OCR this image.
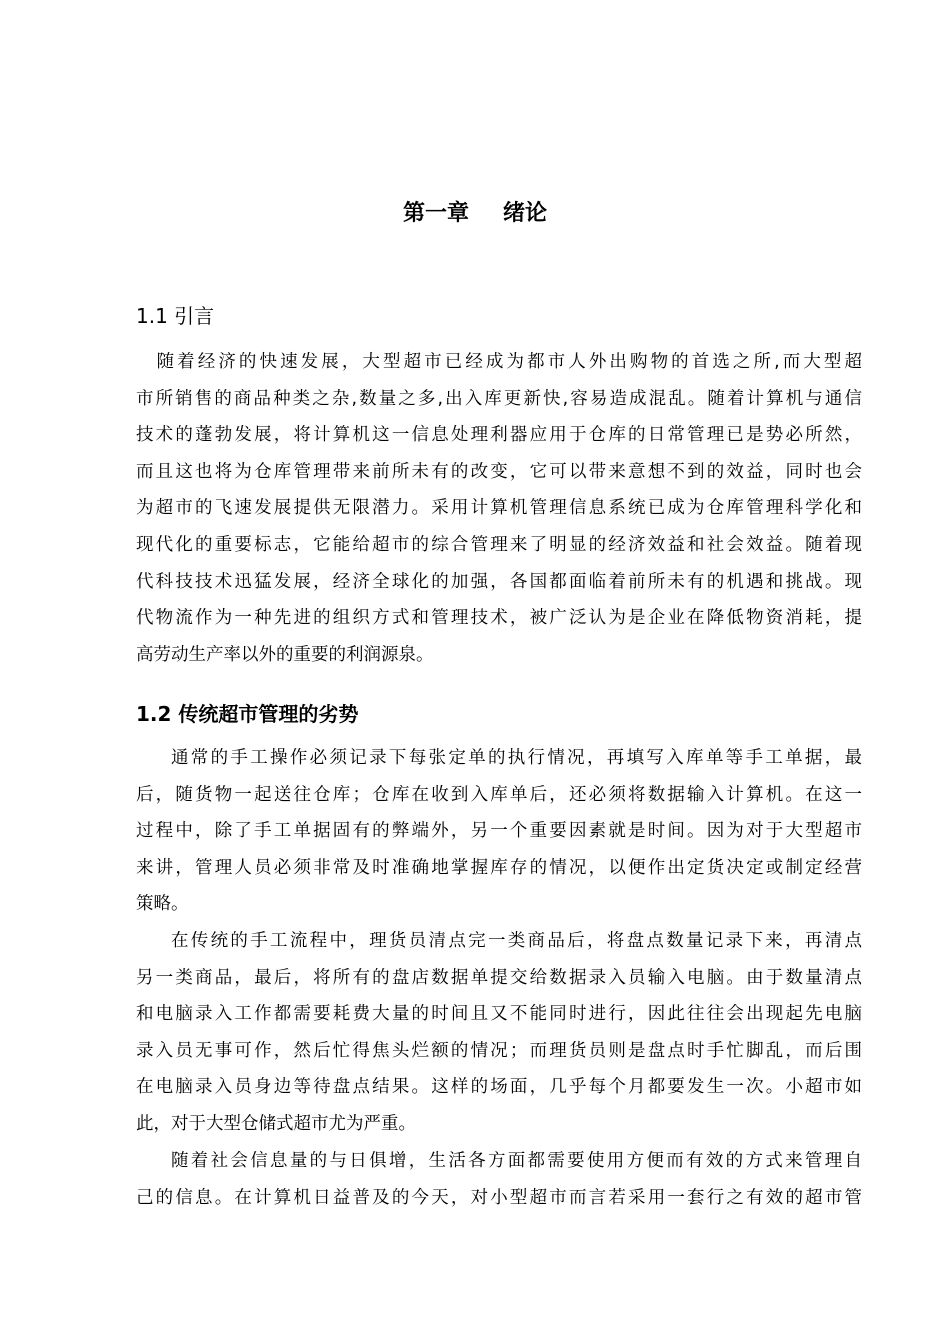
第一章 绪论
1.1 引言
　随着经济的快速发展，大型超市已经成为都市人外出购物的首选之所,而大型超
市所销售的商品种类之杂,数量之多,出入库更新快,容易造成混乱。随着计算机与通信
技术的蓬勃发展，将计算机这一信息处理利器应用于仓库的日常管理已是势必所然，
而且这也将为仓库管理带来前所未有的改变，它可以带来意想不到的效益，同时也会
为超市的飞速发展提供无限潜力。采用计算机管理信息系统已成为仓库管理科学化和
现代化的重要标志，它能给超市的综合管理来了明显的经济效益和社会效益。随着现
代科技技术迅猛发展，经济全球化的加强，各国都面临着前所未有的机遇和挑战。现
代物流作为一种先进的组织方式和管理技术，被广泛认为是企业在降低物资消耗，提
高劳动生产率以外的重要的利润源泉。
1.2 传统超市管理的劣势
通常的手工操作必须记录下每张定单的执行情况，再填写入库单等手工单据，最
后，随货物一起送往仓库；仓库在收到入库单后，还必须将数据输入计算机。在这一
过程中，除了手工单据固有的弊端外，另一个重要因素就是时间。因为对于大型超市
来讲，管理人员必须非常及时准确地掌握库存的情况，以便作出定货决定或制定经营
策略。
在传统的手工流程中，理货员清点完一类商品后，将盘点数量记录下来，再清点
另一类商品，最后，将所有的盘店数据单提交给数据录入员输入电脑。由于数量清点
和电脑录入工作都需要耗费大量的时间且又不能同时进行，因此往往会出现起先电脑
录入员无事可作，然后忙得焦头烂额的情况；而理货员则是盘点时手忙脚乱，而后围
在电脑录入员身边等待盘点结果。这样的场面，几乎每个月都要发生一次。小超市如
此，对于大型仓储式超市尤为严重。
随着社会信息量的与日俱增，生活各方面都需要使用方便而有效的方式来管理自
己的信息。在计算机日益普及的今天，对小型超市而言若采用一套行之有效的超市管
